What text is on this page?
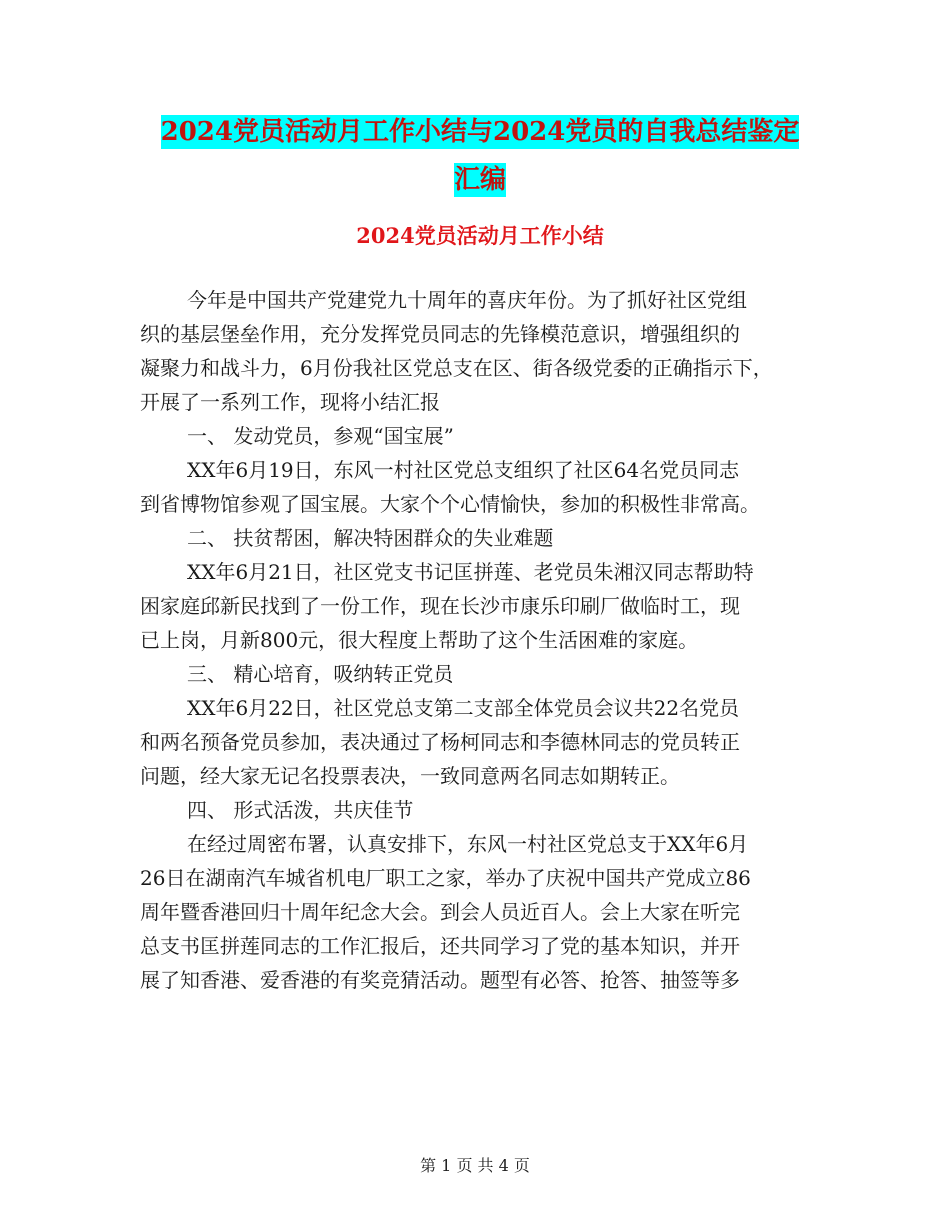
2024党员活动月工作小结与2024党员的自我总结鉴定
汇编
2024党员活动月工作小结

今年是中国共产党建党九十周年的喜庆年份。为了抓好社区党组

织的基层堡垒作用，充分发挥党员同志的先锋模范意识，增强组织的

凝聚力和战斗力，6月份我社区党总支在区、街各级党委的正确指示下，

开展了一系列工作，现将小结汇报

一、 发动党员，参观“国宝展”

XX年6月19日，东风一村社区党总支组织了社区64名党员同志

到省博物馆参观了国宝展。大家个个心情愉快，参加的积极性非常高。

二、 扶贫帮困，解决特困群众的失业难题

XX年6月21日，社区党支书记匡拼莲、老党员朱湘汉同志帮助特

困家庭邱新民找到了一份工作，现在长沙市康乐印刷厂做临时工，现

已上岗，月新800元，很大程度上帮助了这个生活困难的家庭。

三、 精心培育，吸纳转正党员

XX年6月22日，社区党总支第二支部全体党员会议共22名党员

和两名预备党员参加，表决通过了杨柯同志和李德林同志的党员转正

问题，经大家无记名投票表决，一致同意两名同志如期转正。

四、 形式活泼，共庆佳节

在经过周密布署，认真安排下，东风一村社区党总支于XX年6月

26日在湖南汽车城省机电厂职工之家，举办了庆祝中国共产党成立86

周年暨香港回归十周年纪念大会。到会人员近百人。会上大家在听完

总支书匡拼莲同志的工作汇报后，还共同学习了党的基本知识，并开

展了知香港、爱香港的有奖竞猜活动。题型有必答、抢答、抽签等多

第 1 页 共 4 页
